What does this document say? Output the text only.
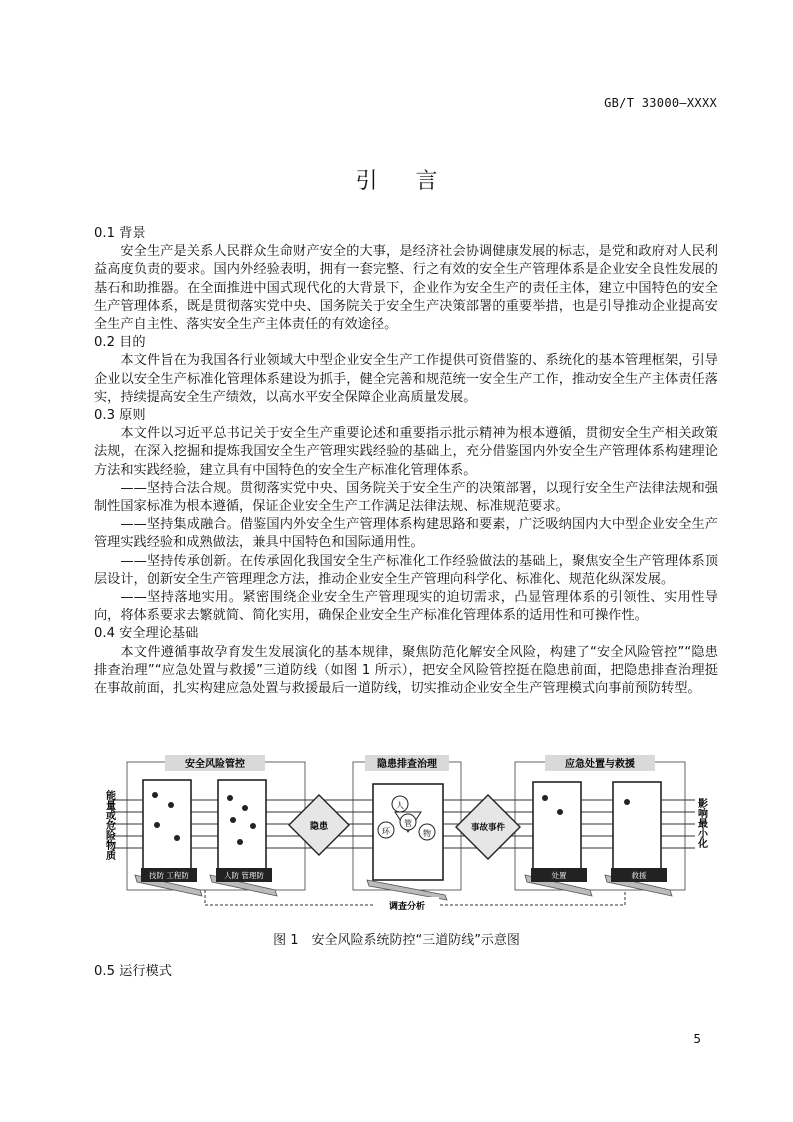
GB/T 33000—XXXX
引言

0.1 背景

安全生产是关系人民群众生命财产安全的大事，是经济社会协调健康发展的标志，是党和政府对人民利益高度负责的要求。国内外经验表明，拥有一套完整、行之有效的安全生产管理体系是企业安全良性发展的基石和助推器。在全面推进中国式现代化的大背景下，企业作为安全生产的责任主体，建立中国特色的安全生产管理体系，既是贯彻落实党中央、国务院关于安全生产决策部署的重要举措，也是引导推动企业提高安全生产自主性、落实安全生产主体责任的有效途径。

0.2 目的

本文件旨在为我国各行业领域大中型企业安全生产工作提供可资借鉴的、系统化的基本管理框架，引导企业以安全生产标准化管理体系建设为抓手，健全完善和规范统一安全生产工作，推动安全生产主体责任落实，持续提高安全生产绩效，以高水平安全保障企业高质量发展。

0.3 原则

本文件以习近平总书记关于安全生产重要论述和重要指示批示精神为根本遵循，贯彻安全生产相关政策法规，在深入挖掘和提炼我国安全生产管理实践经验的基础上，充分借鉴国内外安全生产管理体系构建理论方法和实践经验，建立具有中国特色的安全生产标准化管理体系。

——坚持合法合规。贯彻落实党中央、国务院关于安全生产的决策部署，以现行安全生产法律法规和强制性国家标准为根本遵循，保证企业安全生产工作满足法律法规、标准规范要求。

——坚持集成融合。借鉴国内外安全生产管理体系构建思路和要素，广泛吸纳国内大中型企业安全生产管理实践经验和成熟做法，兼具中国特色和国际通用性。

——坚持传承创新。在传承固化我国安全生产标准化工作经验做法的基础上，聚焦安全生产管理体系顶层设计，创新安全生产管理理念方法，推动企业安全生产管理向科学化、标准化、规范化纵深发展。

——坚持落地实用。紧密围绕企业安全生产管理现实的迫切需求，凸显管理体系的引领性、实用性导向，将体系要求去繁就简、简化实用，确保企业安全生产标准化管理体系的适用性和可操作性。

0.4 安全理论基础

本文件遵循事故孕育发生发展演化的基本规律，聚焦防范化解安全风险，构建了“安全风险管控”“隐患排查治理”“应急处置与救援”三道防线（如图 1 所示），把安全风险管控挺在隐患前面，把隐患排查治理挺在事故前面，扎实构建应急处置与救援最后一道防线，切实推动企业安全生产管理模式向事前预防转型。

安全风险管控	隐患排查治理	应急处置与救援
技防 工程防	人防 管理防
隐患
人
管
环	物
事故事件
处置	救援
能量或危险物质	影响最小化
调查分析
图 1　安全风险系统防控“三道防线”示意图
0.5 运行模式
5
